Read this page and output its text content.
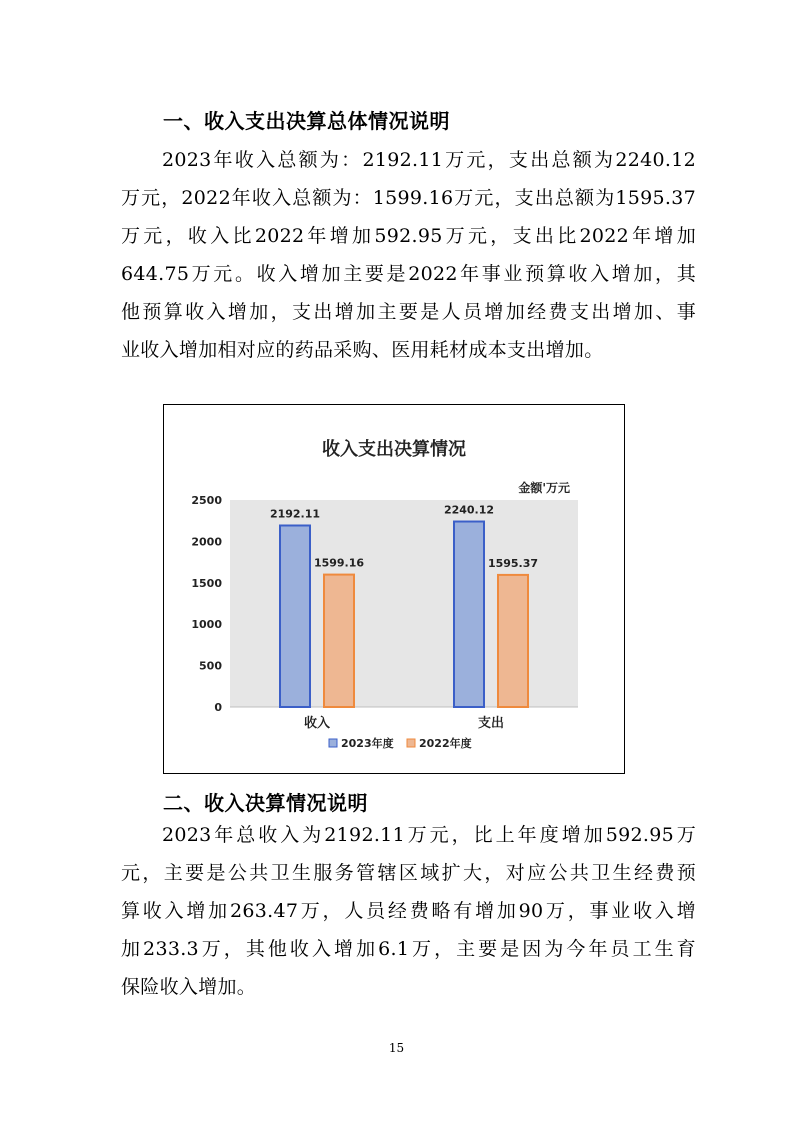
一、收入支出决算总体情况说明
2023年收入总额为：2192.11万元，支出总额为2240.12
万元，2022年收入总额为：1599.16万元，支出总额为1595.37
万元，收入比2022年增加592.95万元，支出比2022年增加
644.75万元。收入增加主要是2022年事业预算收入增加，其
他预算收入增加，支出增加主要是人员增加经费支出增加、事
业收入增加相对应的药品采购、医用耗材成本支出增加。
收入支出决算情况
金额'万元
0
500
1000
1500
2000
2500
2192.11
1599.16
收入
2240.12
1595.37
支出
2023年度 2022年度
二、收入决算情况说明
2023年总收入为2192.11万元，比上年度增加592.95万
元，主要是公共卫生服务管辖区域扩大，对应公共卫生经费预
算收入增加263.47万，人员经费略有增加90万，事业收入增
加233.3万，其他收入增加6.1万，主要是因为今年员工生育
保险收入增加。
15
